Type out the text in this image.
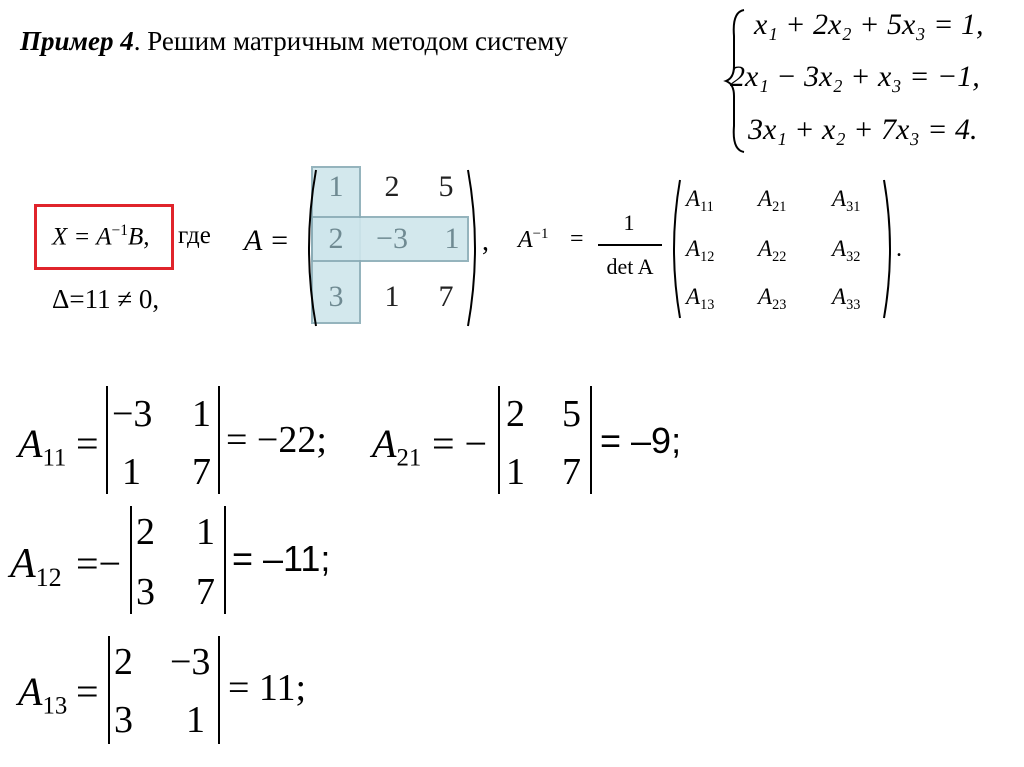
Пример 4. Решим матричным методом систему	x₁ + 2x₂ + 5x₃ = 1,
2x₁ − 3x₂ + x₃ = −1,
3x₁ + x₂ + 7x₃ = 4.
$X = A^{-1}B$, где
Δ=11 ≠ 0,
A =
1	2	5
2	−3	1
3	1	7
, $A^{-1}$ =
1
det A
$A_{11}$ $A_{21}$ $A_{31}$
$A_{12}$ $A_{22}$ $A_{32}$
$A_{13}$ $A_{23}$ $A_{33}$
.
$A_{11}$ =
−3 1
1 7
= −22; $A_{21}$ = −
2 5
1 7
= –9;
$A_{12}$ =−
2 1
3 7
= –11;
$A_{13}$ =
2 −3
3 1
= 11;
